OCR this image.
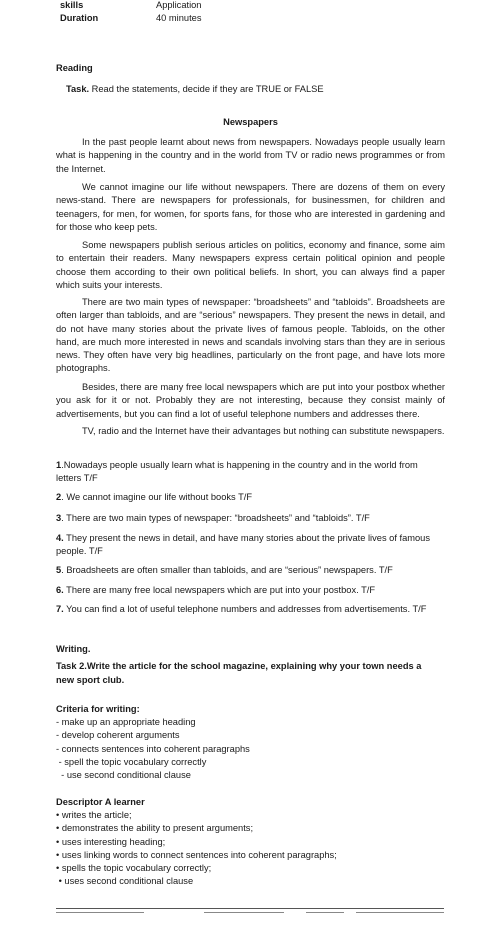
skills	Application
Duration	40 minutes
Reading
Task. Read the statements, decide if they are TRUE or FALSE
Newspapers

In the past people learnt about news from newspapers. Nowadays people usually learn what is happening in the country and in the world from TV or radio news programmes or from the Internet.

We cannot imagine our life without newspapers. There are dozens of them on every news-stand. There are newspapers for professionals, for businessmen, for children and teenagers, for men, for women, for sports fans, for those who are interested in gardening and for those who keep pets.

Some newspapers publish serious articles on politics, economy and finance, some aim to entertain their readers. Many newspapers express certain political opinion and people choose them according to their own political beliefs. In short, you can always find a paper which suits your interests.

There are two main types of newspaper: “broadsheets” and “tabloids”. Broadsheets are often larger than tabloids, and are “serious” newspapers. They present the news in detail, and do not have many stories about the private lives of famous people. Tabloids, on the other hand, are much more interested in news and scandals involving stars than they are in serious news. They often have very big headlines, particularly on the front page, and have lots more photographs.

Besides, there are many free local newspapers which are put into your postbox whether you ask for it or not. Probably they are not interesting, because they consist mainly of advertisements, but you can find a lot of useful telephone numbers and addresses there.

TV, radio and the Internet have their advantages but nothing can substitute newspapers.

1.Nowadays people usually learn what is happening in the country and in the world from letters T/F

2. We cannot imagine our life without books T/F

3. There are two main types of newspaper: “broadsheets” and “tabloids”. T/F

4. They present the news in detail, and have many stories about the private lives of famous people. T/F

5. Broadsheets are often smaller than tabloids, and are “serious” newspapers. T/F

6. There are many free local newspapers which are put into your postbox. T/F

7. You can find a lot of useful telephone numbers and addresses from advertisements. T/F

Writing.
Task 2.Write the article for the school magazine, explaining why your town needs a
new sport club.
Criteria for writing:

- make up an appropriate heading

- develop coherent arguments

- connects sentences into coherent paragraphs

- spell the topic vocabulary correctly

- use second conditional clause

Descriptor A learner

• writes the article;

• demonstrates the ability to present arguments;

• uses interesting heading;

• uses linking words to connect sentences into coherent paragraphs;

• spells the topic vocabulary correctly;

• uses second conditional clause
